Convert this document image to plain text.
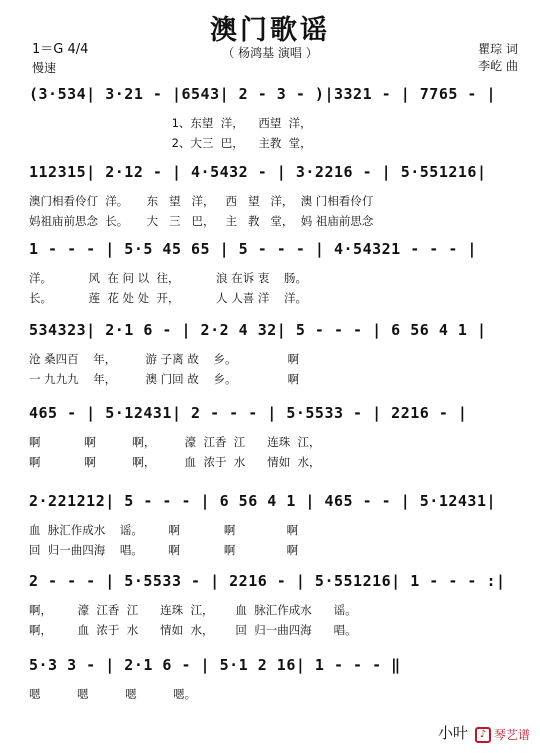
澳门歌谣
（ 杨鸿基 演唱 ）
1＝G 4/4
慢速
瞿琮 词
李屹 曲
(3·534| 3·21 - |6543| 2 - 3 - )|3321 - | 7765 - |
1、东望  洋，    西望  洋，
2、大三  巴，    主教  堂，
112315| 2·12 - | 4·5432 - | 3·2216 - | 5·551216|
澳门相看伶仃  洋。     东   望   洋，   西   望   洋，  澳 门相看伶仃
妈祖庙前思念  长。     大   三   巴，   主   教   堂，  妈 祖庙前思念
1 - - - | 5·5 45 65 | 5 - - - | 4·54321 - - - |
洋。          风  在 问 以  往，          浪 在诉 衷    肠。
长。          莲  花 处 处  开，          人 人喜 洋    洋。
534323| 2·1 6 - | 2·2 4 32| 5 - - - | 6 56 4 1 |
沧 桑四百    年，        游 子离 故    乡。              啊
一 九九九    年，        澳 门回 故    乡。              啊
465 - | 5·12431| 2 - - - | 5·5533 - | 2216 - |
啊            啊          啊，        濠  江香  江      连珠  江，
啊            啊          啊，        血  浓于  水      情如  水，
2·221212| 5 - - - | 6 56 4 1 | 465 - - | 5·12431|
血  脉汇作成水    谣。       啊            啊              啊
回  归一曲四海    唱。       啊            啊              啊
2 - - - | 5·5533 - | 2216 - | 5·551216| 1 - - - :|
啊，       濠  江香  江      连珠  江，      血  脉汇作成水      谣。
啊，       血  浓于  水      情如  水，      回  归一曲四海      唱。
5·3 3 - | 2·1 6 - | 5·1 2 16| 1 - - - ‖
嗯          嗯          嗯          嗯。
小叶	♪ 琴艺谱
